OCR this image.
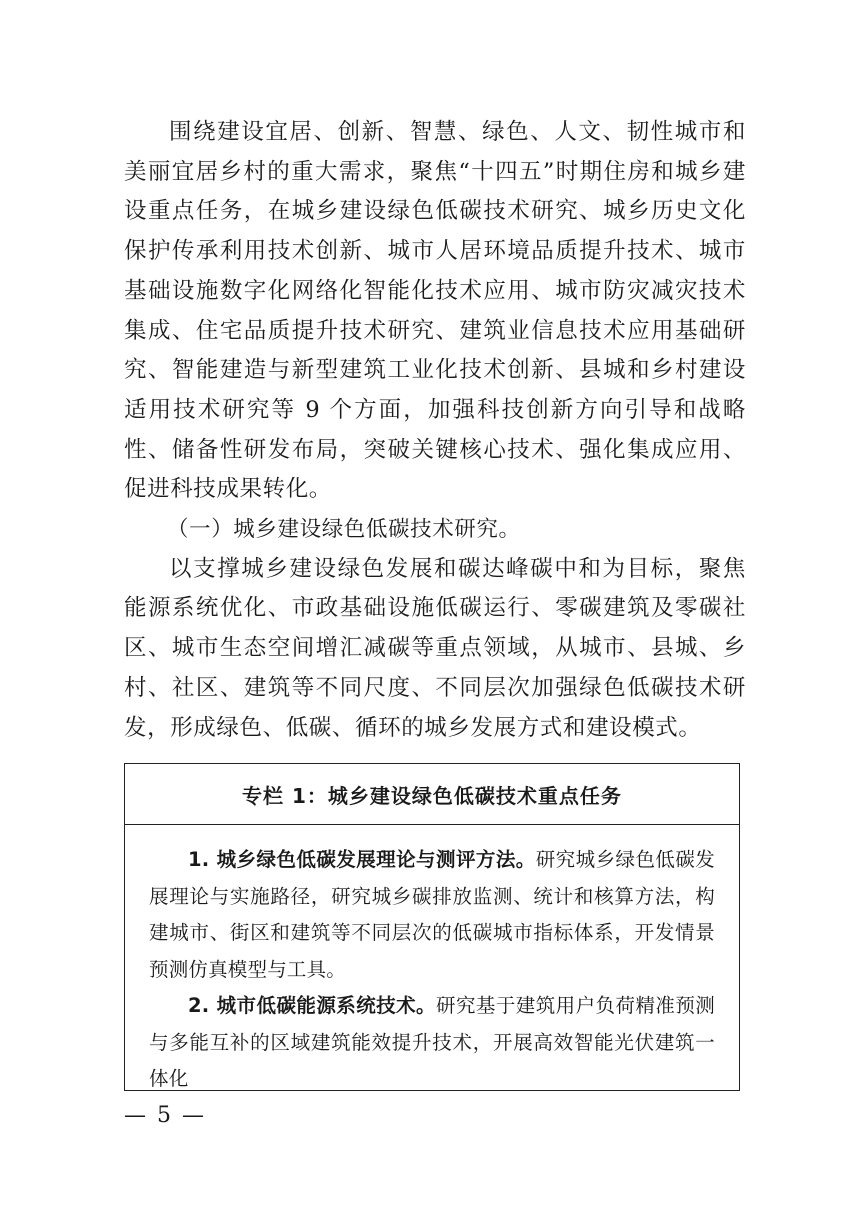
围绕建设宜居、创新、智慧、绿色、人文、韧性城市和美丽宜居乡村的重大需求，聚焦“十四五”时期住房和城乡建设重点任务，在城乡建设绿色低碳技术研究、城乡历史文化保护传承利用技术创新、城市人居环境品质提升技术、城市基础设施数字化网络化智能化技术应用、城市防灾减灾技术集成、住宅品质提升技术研究、建筑业信息技术应用基础研究、智能建造与新型建筑工业化技术创新、县城和乡村建设适用技术研究等 9 个方面，加强科技创新方向引导和战略性、储备性研发布局，突破关键核心技术、强化集成应用、促进科技成果转化。

（一）城乡建设绿色低碳技术研究。

以支撑城乡建设绿色发展和碳达峰碳中和为目标，聚焦能源系统优化、市政基础设施低碳运行、零碳建筑及零碳社区、城市生态空间增汇减碳等重点领域，从城市、县城、乡村、社区、建筑等不同尺度、不同层次加强绿色低碳技术研发，形成绿色、低碳、循环的城乡发展方式和建设模式。

专栏 1：城乡建设绿色低碳技术重点任务

1. 城乡绿色低碳发展理论与测评方法。研究城乡绿色低碳发展理论与实施路径，研究城乡碳排放监测、统计和核算方法，构建城市、街区和建筑等不同层次的低碳城市指标体系，开发情景预测仿真模型与工具。

2. 城市低碳能源系统技术。研究基于建筑用户负荷精准预测与多能互补的区域建筑能效提升技术，开展高效智能光伏建筑一体化

— 5 —
